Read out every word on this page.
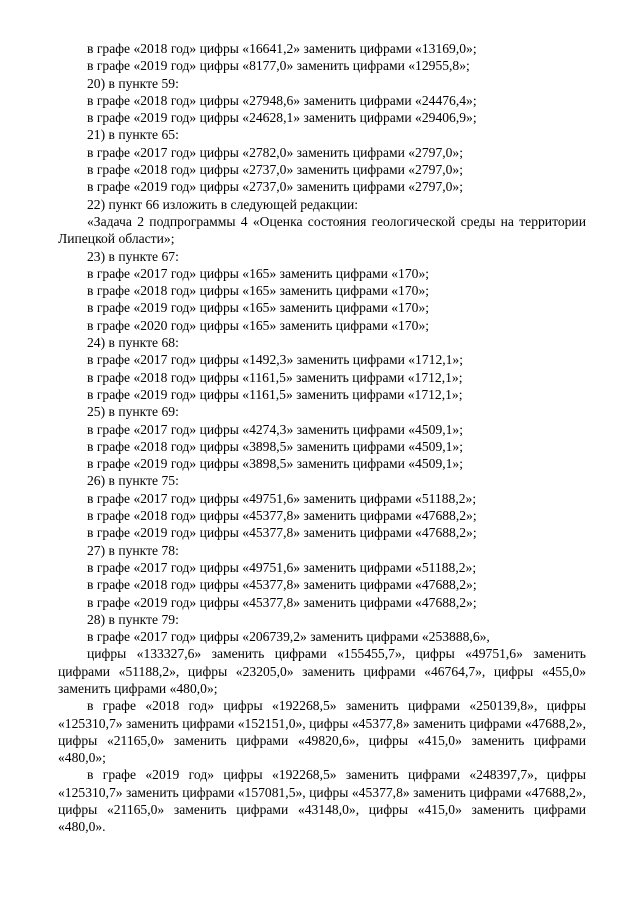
в графе «2018 год» цифры «16641,2» заменить цифрами «13169,0»;
в графе «2019 год» цифры «8177,0» заменить цифрами «12955,8»;
20) в пункте 59:
в графе «2018 год» цифры «27948,6» заменить цифрами «24476,4»;
в графе «2019 год» цифры «24628,1» заменить цифрами «29406,9»;
21) в пункте 65:
в графе «2017 год» цифры «2782,0» заменить цифрами «2797,0»;
в графе «2018 год» цифры «2737,0» заменить цифрами «2797,0»;
в графе «2019 год» цифры «2737,0» заменить цифрами «2797,0»;
22) пункт 66 изложить в следующей редакции:
«Задача 2 подпрограммы 4 «Оценка состояния геологической среды на территории Липецкой области»;
23) в пункте 67:
в графе «2017 год» цифры «165» заменить цифрами «170»;
в графе «2018 год» цифры «165» заменить цифрами «170»;
в графе «2019 год» цифры «165» заменить цифрами «170»;
в графе «2020 год» цифры «165» заменить цифрами «170»;
24) в пункте 68:
в графе «2017 год» цифры «1492,3» заменить цифрами «1712,1»;
в графе «2018 год» цифры «1161,5» заменить цифрами «1712,1»;
в графе «2019 год» цифры «1161,5» заменить цифрами «1712,1»;
25) в пункте 69:
в графе «2017 год» цифры «4274,3» заменить цифрами «4509,1»;
в графе «2018 год» цифры «3898,5» заменить цифрами «4509,1»;
в графе «2019 год» цифры «3898,5» заменить цифрами «4509,1»;
26) в пункте 75:
в графе «2017 год» цифры «49751,6» заменить цифрами «51188,2»;
в графе «2018 год» цифры «45377,8» заменить цифрами «47688,2»;
в графе «2019 год» цифры «45377,8» заменить цифрами «47688,2»;
27) в пункте 78:
в графе «2017 год» цифры «49751,6» заменить цифрами «51188,2»;
в графе «2018 год» цифры «45377,8» заменить цифрами «47688,2»;
в графе «2019 год» цифры «45377,8» заменить цифрами «47688,2»;
28) в пункте 79:
в графе «2017 год» цифры «206739,2» заменить цифрами «253888,6»,
цифры «133327,6» заменить цифрами «155455,7», цифры «49751,6» заменить цифрами «51188,2», цифры «23205,0» заменить цифрами «46764,7», цифры «455,0» заменить цифрами «480,0»;
в графе «2018 год» цифры «192268,5» заменить цифрами «250139,8», цифры «125310,7» заменить цифрами «152151,0», цифры «45377,8» заменить цифрами «47688,2», цифры «21165,0» заменить цифрами «49820,6», цифры «415,0» заменить цифрами «480,0»;
в графе «2019 год» цифры «192268,5» заменить цифрами «248397,7», цифры «125310,7» заменить цифрами «157081,5», цифры «45377,8» заменить цифрами «47688,2», цифры «21165,0» заменить цифрами «43148,0», цифры «415,0» заменить цифрами «480,0».
